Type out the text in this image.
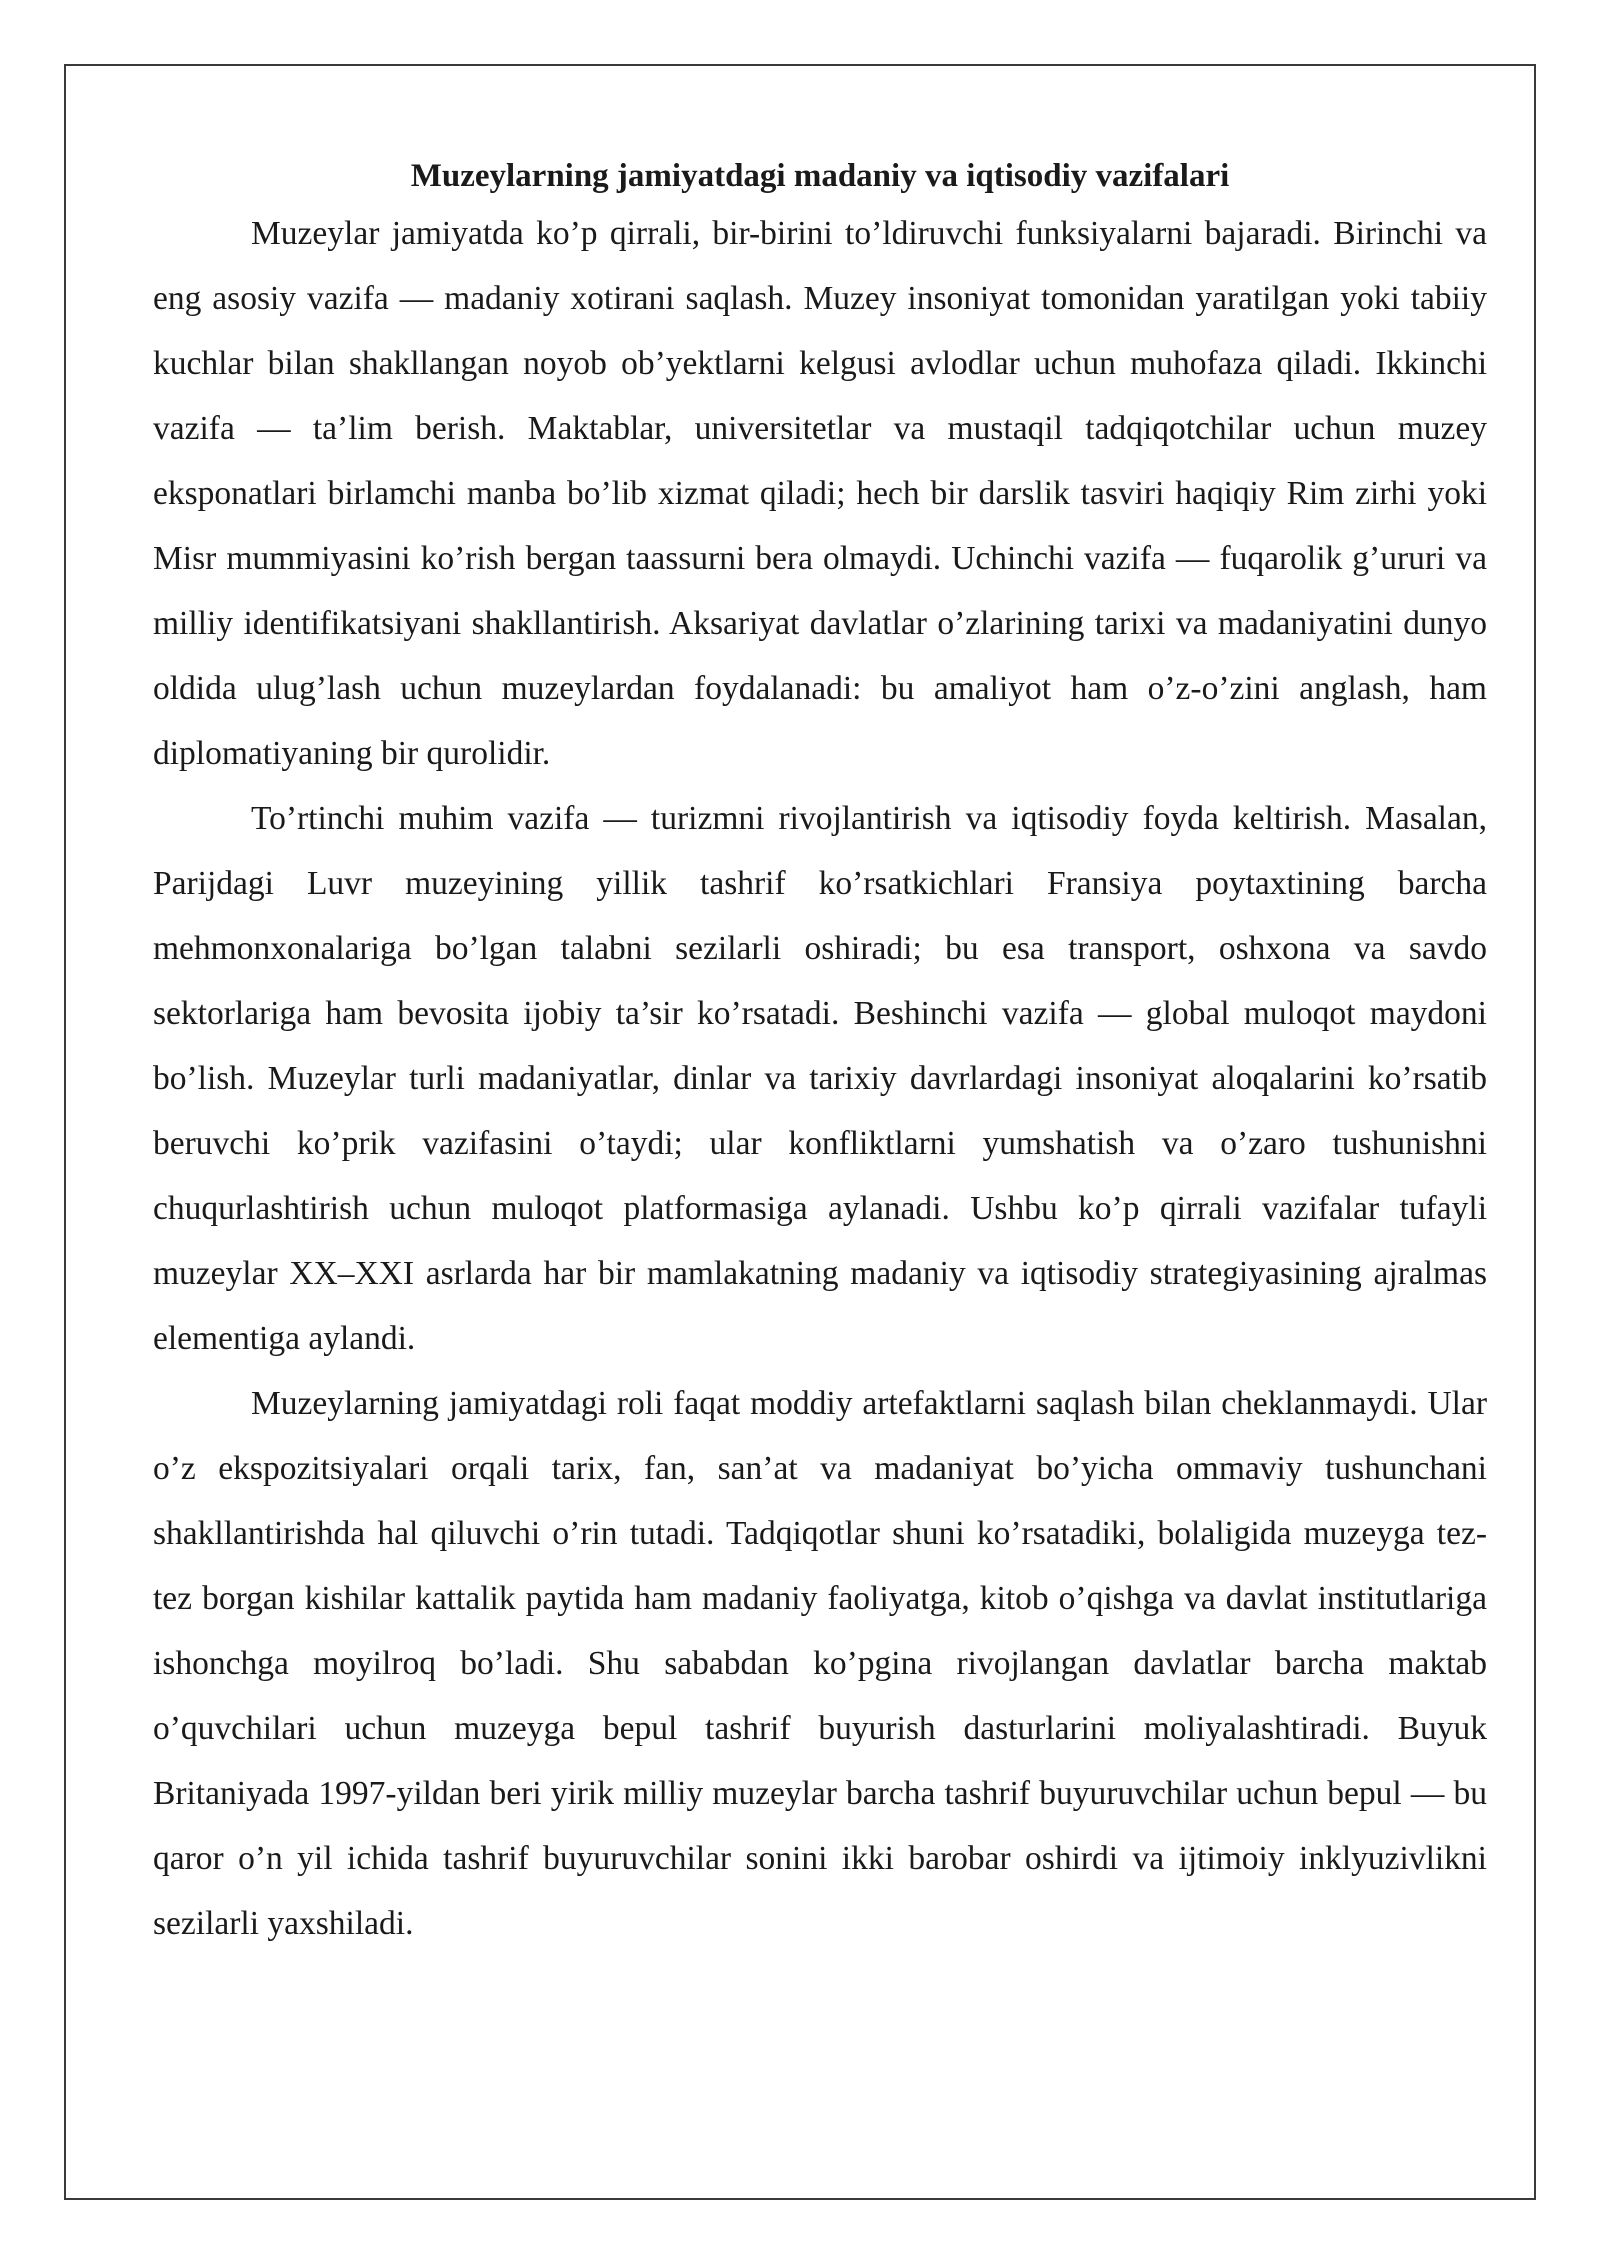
Muzeylarning jamiyatdagi madaniy va iqtisodiy vazifalari

Muzeylar jamiyatda ko’p qirrali, bir-birini to’ldiruvchi funksiyalarni bajaradi. Birinchi va eng asosiy vazifa — madaniy xotirani saqlash. Muzey insoniyat tomonidan yaratilgan yoki tabiiy kuchlar bilan shakllangan noyob ob’yektlarni kelgusi avlodlar uchun muhofaza qiladi. Ikkinchi vazifa — ta’lim berish. Maktablar, universitetlar va mustaqil tadqiqotchilar uchun muzey eksponatlari birlamchi manba bo’lib xizmat qiladi; hech bir darslik tasviri haqiqiy Rim zirhi yoki Misr mummiyasini ko’rish bergan taassurni bera olmaydi. Uchinchi vazifa — fuqarolik g’ururi va milliy identifikatsiyani shakllantirish. Aksariyat davlatlar o’zlarining tarixi va madaniyatini dunyo oldida ulug’lash uchun muzeylardan foydalanadi: bu amaliyot ham o’z-o’zini anglash, ham diplomatiyaning bir qurolidir.

To’rtinchi muhim vazifa — turizmni rivojlantirish va iqtisodiy foyda keltirish. Masalan, Parijdagi Luvr muzeyining yillik tashrif ko’rsatkichlari Fransiya poytaxtining barcha mehmonxonalariga bo’lgan talabni sezilarli oshiradi; bu esa transport, oshxona va savdo sektorlariga ham bevosita ijobiy ta’sir ko’rsatadi. Beshinchi vazifa — global muloqot maydoni bo’lish. Muzeylar turli madaniyatlar, dinlar va tarixiy davrlardagi insoniyat aloqalarini ko’rsatib beruvchi ko’prik vazifasini o’taydi; ular konfliktlarni yumshatish va o’zaro tushunishni chuqurlashtirish uchun muloqot platformasiga aylanadi. Ushbu ko’p qirrali vazifalar tufayli muzeylar XX–XXI asrlarda har bir mamlakatning madaniy va iqtisodiy strategiyasining ajralmas elementiga aylandi.

Muzeylarning jamiyatdagi roli faqat moddiy artefaktlarni saqlash bilan cheklanmaydi. Ular o’z ekspozitsiyalari orqali tarix, fan, san’at va madaniyat bo’yicha ommaviy tushunchani shakllantirishda hal qiluvchi o’rin tutadi. Tadqiqotlar shuni ko’rsatadiki, bolaligida muzeyga tez-tez borgan kishilar kattalik paytida ham madaniy faoliyatga, kitob o’qishga va davlat institutlariga ishonchga moyilroq bo’ladi. Shu sababdan ko’pgina rivojlangan davlatlar barcha maktab o’quvchilari uchun muzeyga bepul tashrif buyurish dasturlarini moliyalashtiradi. Buyuk Britaniyada 1997-yildan beri yirik milliy muzeylar barcha tashrif buyuruvchilar uchun bepul — bu qaror o’n yil ichida tashrif buyuruvchilar sonini ikki barobar oshirdi va ijtimoiy inklyuzivlikni sezilarli yaxshiladi.
